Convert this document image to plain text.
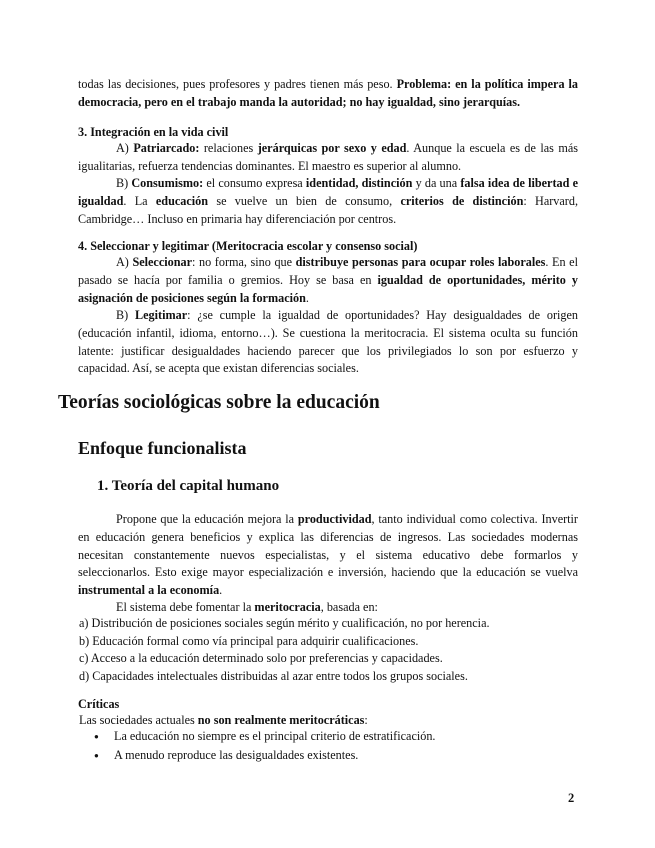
todas las decisiones, pues profesores y padres tienen más peso. Problema: en la política impera la democracia, pero en el trabajo manda la autoridad; no hay igualdad, sino jerarquías.

3. Integración en la vida civil

A) Patriarcado: relaciones jerárquicas por sexo y edad. Aunque la escuela es de las más igualitarias, refuerza tendencias dominantes. El maestro es superior al alumno.

B) Consumismo: el consumo expresa identidad, distinción y da una falsa idea de libertad e igualdad. La educación se vuelve un bien de consumo, criterios de distinción: Harvard, Cambridge… Incluso en primaria hay diferenciación por centros.

4. Seleccionar y legitimar (Meritocracia escolar y consenso social)

A) Seleccionar: no forma, sino que distribuye personas para ocupar roles laborales. En el pasado se hacía por familia o gremios. Hoy se basa en igualdad de oportunidades, mérito y asignación de posiciones según la formación.

B) Legitimar: ¿se cumple la igualdad de oportunidades? Hay desigualdades de origen (educación infantil, idioma, entorno…). Se cuestiona la meritocracia. El sistema oculta su función latente: justificar desigualdades haciendo parecer que los privilegiados lo son por esfuerzo y capacidad. Así, se acepta que existan diferencias sociales.

Teorías sociológicas sobre la educación
Enfoque funcionalista
1. Teoría del capital humano

Propone que la educación mejora la productividad, tanto individual como colectiva. Invertir en educación genera beneficios y explica las diferencias de ingresos. Las sociedades modernas necesitan constantemente nuevos especialistas, y el sistema educativo debe formarlos y seleccionarlos. Esto exige mayor especialización e inversión, haciendo que la educación se vuelva instrumental a la economía.

El sistema debe fomentar la meritocracia, basada en:

a) Distribución de posiciones sociales según mérito y cualificación, no por herencia.
b) Educación formal como vía principal para adquirir cualificaciones.
c) Acceso a la educación determinado solo por preferencias y capacidades.
d) Capacidades intelectuales distribuidas al azar entre todos los grupos sociales.

Críticas

Las sociedades actuales no son realmente meritocráticas:

● La educación no siempre es el principal criterio de estratificación.
● A menudo reproduce las desigualdades existentes.
2
